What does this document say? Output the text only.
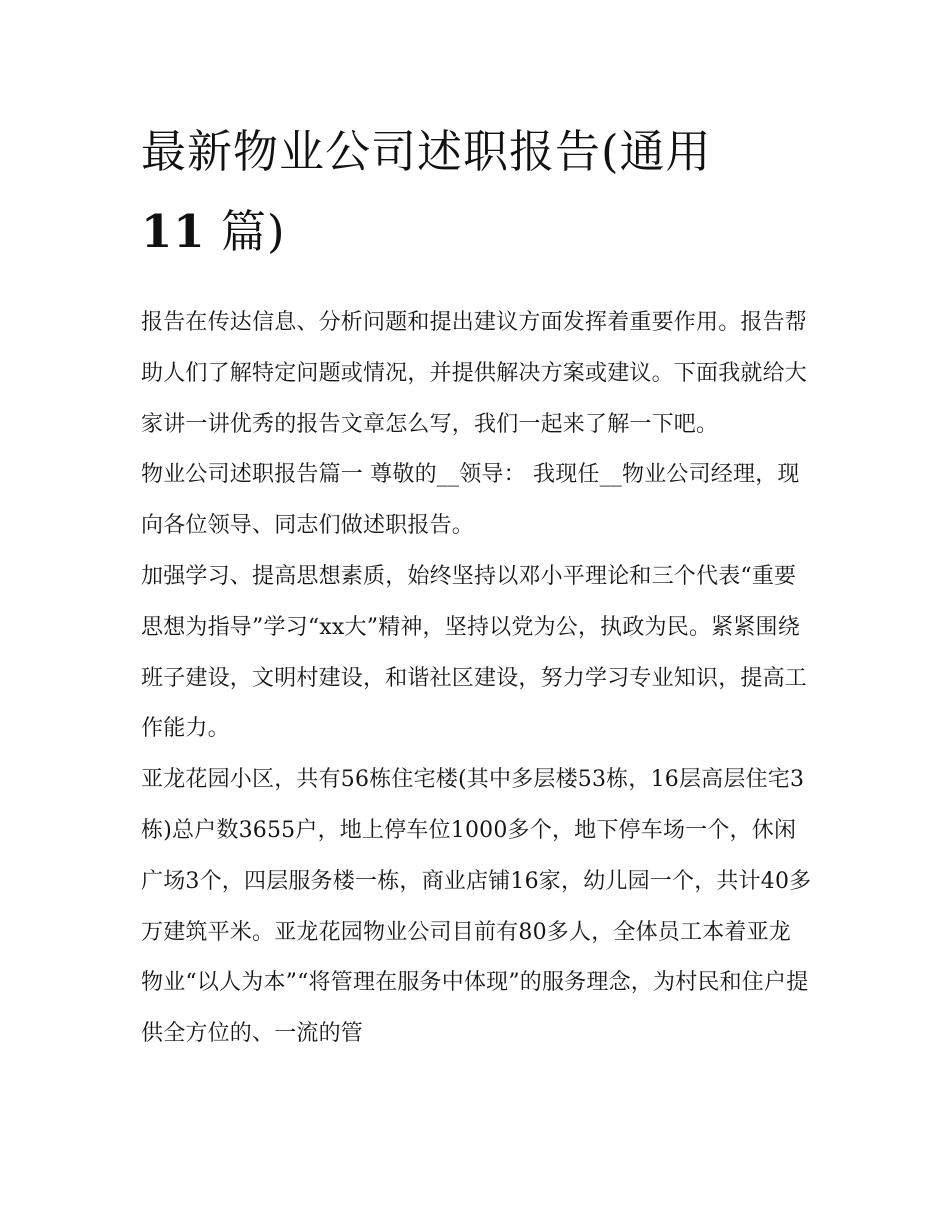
最新物业公司述职报告(通用
11 篇)

报告在传达信息、分析问题和提出建议方面发挥着重要作用。报告帮助人们了解特定问题或情况，并提供解决方案或建议。下面我就给大家讲一讲优秀的报告文章怎么写，我们一起来了解一下吧。

物业公司述职报告篇一 尊敬的__领导： 我现任__物业公司经理，现向各位领导、同志们做述职报告。

加强学习、提高思想素质，始终坚持以邓小平理论和三个代表“重要思想为指导”学习“xx大”精神，坚持以党为公，执政为民。紧紧围绕班子建设，文明村建设，和谐社区建设，努力学习专业知识，提高工作能力。

亚龙花园小区，共有56栋住宅楼(其中多层楼53栋，16层高层住宅3栋)总户数3655户，地上停车位1000多个，地下停车场一个，休闲广场3个，四层服务楼一栋，商业店铺16家，幼儿园一个，共计40多万建筑平米。亚龙花园物业公司目前有80多人，全体员工本着亚龙物业“以人为本”“将管理在服务中体现”的服务理念，为村民和住户提供全方位的、一流的管
